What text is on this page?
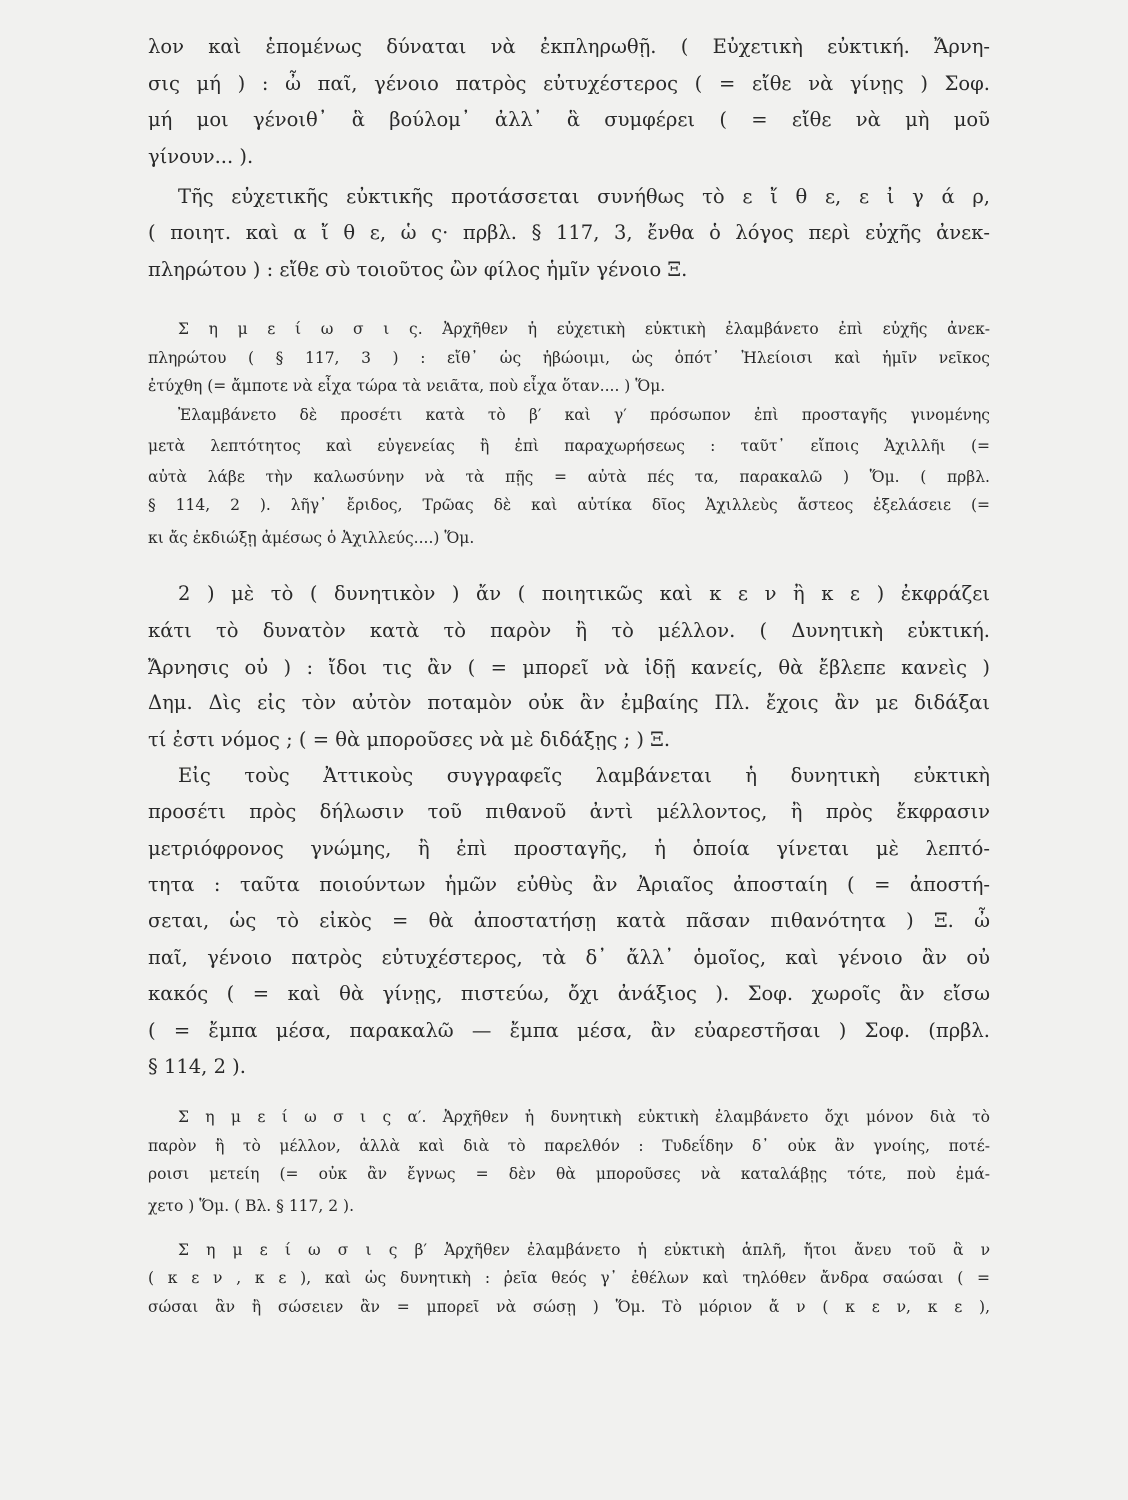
λον καὶ ἑπομένως δύναται νὰ ἐκπληρωθῇ. ( Εὐχετικὴ εὐκτική. Ἄρνη-
σις μή ) : ὦ παῖ, γένοιο πατρὸς εὐτυχέστερος ( = εἴθε νὰ γίνῃς ) Σοφ.
μή μοι γένοιθ᾽ ἃ βούλομ᾽ ἀλλ᾽ ἃ συμφέρει ( = εἴθε νὰ μὴ μοῦ
γίνουν... ).
Τῆς εὐχετικῆς εὐκτικῆς προτάσσεται συνήθως τὸ ε ἴ θ ε, ε ἰ γ ά ρ,
( ποιητ. καὶ α ἴ θ ε, ὡ ς· πρβλ. § 117, 3, ἔνθα ὁ λόγος περὶ εὐχῆς ἀνεκ-
πληρώτου ) : εἴθε σὺ τοιοῦτος ὢν φίλος ἡμῖν γένοιο Ξ.
Σ η μ ε ί ω σ ι ς. Ἀρχῆθεν ἡ εὐχετικὴ εὐκτικὴ ἐλαμβάνετο ἐπὶ εὐχῆς ἀνεκ-
πληρώτου ( § 117, 3 ) : εἴθ᾽ ὡς ἡβώοιμι, ὡς ὁπότ᾽ Ἠλείοισι καὶ ἡμῖν νεῖκος
ἐτύχθη (= ἄμποτε νὰ εἶχα τώρα τὰ νειᾶτα, ποὺ εἶχα ὅταν.... ) Ὅμ.
Ἐλαμβάνετο δὲ προσέτι κατὰ τὸ β′ καὶ γ′ πρόσωπον ἐπὶ προσταγῆς γινομένης
μετὰ λεπτότητος καὶ εὐγενείας ἢ ἐπὶ παραχωρήσεως : ταῦτ᾽ εἴποις Ἀχιλλῆι (=
αὐτὰ λάβε τὴν καλωσύνην νὰ τὰ πῇς = αὐτὰ πές τα, παρακαλῶ ) Ὅμ. ( πρβλ.
§ 114, 2 ). λῆγ᾽ ἔριδος, Τρῶας δὲ καὶ αὐτίκα δῖος Ἀχιλλεὺς ἄστεος ἐξελάσειε (=
κι ἄς ἐκδιώξῃ ἀμέσως ὁ Ἀχιλλεύς....) Ὅμ.
2 ) μὲ τὸ ( δυνητικὸν ) ἄν ( ποιητικῶς καὶ κ ε ν ἢ κ ε ) ἐκφράζει
κάτι τὸ δυνατὸν κατὰ τὸ παρὸν ἢ τὸ μέλλον. ( Δυνητικὴ εὐκτική.
Ἄρνησις οὐ ) : ἴδοι τις ἂν ( = μπορεῖ νὰ ἰδῇ κανείς, θὰ ἔβλεπε κανεὶς )
Δημ. Δὶς εἰς τὸν αὐτὸν ποταμὸν οὐκ ἂν ἐμβαίης Πλ. ἔχοις ἂν με διδάξαι
τί ἐστι νόμος ; ( = θὰ μποροῦσες νὰ μὲ διδάξῃς ; ) Ξ.
Εἰς τοὺς Ἀττικοὺς συγγραφεῖς λαμβάνεται ἡ δυνητικὴ εὐκτικὴ
προσέτι πρὸς δήλωσιν τοῦ πιθανοῦ ἀντὶ μέλλοντος, ἢ πρὸς ἔκφρασιν
μετριόφρονος γνώμης, ἢ ἐπὶ προσταγῆς, ἡ ὁποία γίνεται μὲ λεπτό-
τητα : ταῦτα ποιούντων ἡμῶν εὐθὺς ἂν Ἀριαῖος ἀποσταίη ( = ἀποστή-
σεται, ὡς τὸ εἰκὸς = θὰ ἀποστατήσῃ κατὰ πᾶσαν πιθανότητα ) Ξ. ὦ
παῖ, γένοιο πατρὸς εὐτυχέστερος, τὰ δ᾽ ἄλλ᾽ ὁμοῖος, καὶ γένοιο ἂν οὐ
κακός ( = καὶ θὰ γίνῃς, πιστεύω, ὄχι ἀνάξιος ). Σοφ. χωροῖς ἂν εἴσω
( = ἔμπα μέσα, παρακαλῶ — ἔμπα μέσα, ἂν εὐαρεστῆσαι ) Σοφ. (πρβλ.
§ 114, 2 ).
Σ η μ ε ί ω σ ι ς α′. Ἀρχῆθεν ἡ δυνητικὴ εὐκτικὴ ἐλαμβάνετο ὄχι μόνον διὰ τὸ
παρὸν ἢ τὸ μέλλον, ἀλλὰ καὶ διὰ τὸ παρελθόν : Τυδεΐδην δ᾽ οὐκ ἂν γνοίης, ποτέ-
ροισι μετείη (= οὐκ ἂν ἔγνως = δὲν θὰ μποροῦσες νὰ καταλάβῃς τότε, ποὺ ἐμά-
χετο ) Ὅμ. ( Βλ. § 117, 2 ).
Σ η μ ε ί ω σ ι ς β′ Ἀρχῆθεν ἐλαμβάνετο ἡ εὐκτικὴ ἁπλῆ, ἤτοι ἄνευ τοῦ ἂ ν
( κ ε ν , κ ε ), καὶ ὡς δυνητικὴ : ῥεῖα θεός γ᾽ ἐθέλων καὶ τηλόθεν ἄνδρα σαώσαι ( =
σώσαι ἂν ἢ σώσειεν ἂν = μπορεῖ νὰ σώσῃ ) Ὅμ. Τὸ μόριον ἄ ν ( κ ε ν, κ ε ),
